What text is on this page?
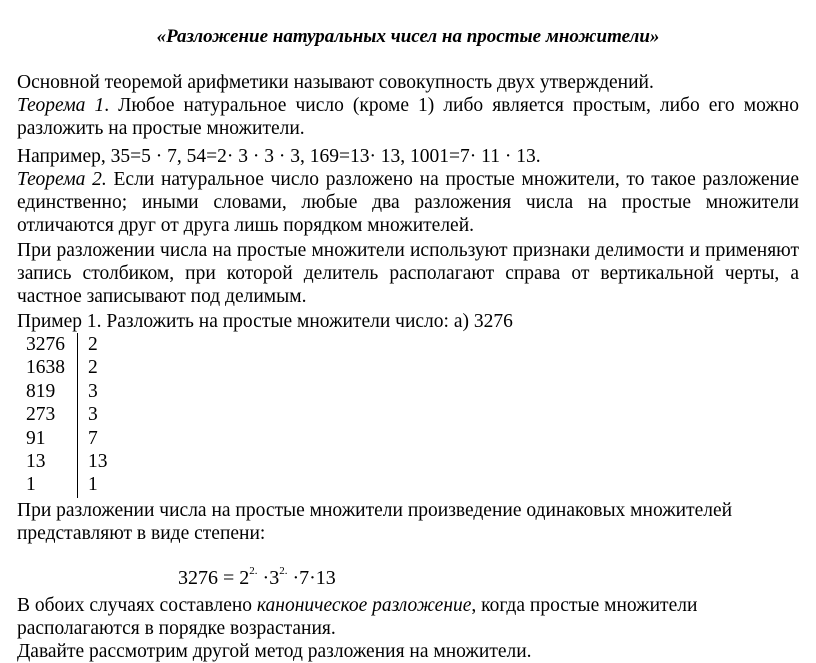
«Разложение натуральных чисел на простые множители»
Основной теоремой арифметики называют совокупность двух утверждений.
Теорема 1. Любое натуральное число (кроме 1) либо является простым, либо его можно разложить на простые множители.
Например, 35=5 · 7, 54=2· 3 · 3 · 3, 169=13· 13, 1001=7· 11 · 13.
Теорема 2. Если натуральное число разложено на простые множители, то такое разложение единственно; иными словами, любые два разложения числа на простые множители отличаются друг от друга лишь порядком множителей.
При разложении числа на простые множители используют признаки делимости и применяют запись столбиком, при которой делитель располагают справа от вертикальной черты, а частное записывают под делимым.
Пример 1. Разложить на простые множители число: а) 3276
3276 2
1638 2
819 3
273 3
91 7
13 13
1	1
При разложении числа на простые множители произведение одинаковых множителей представляют в виде степени:
$3276 = 2^{2.} \cdot 3^{2.} \cdot 7\cdot 13$
В обоих случаях составлено каноническое разложение, когда простые множители располагаются в порядке возрастания.
Давайте рассмотрим другой метод разложения на множители.
